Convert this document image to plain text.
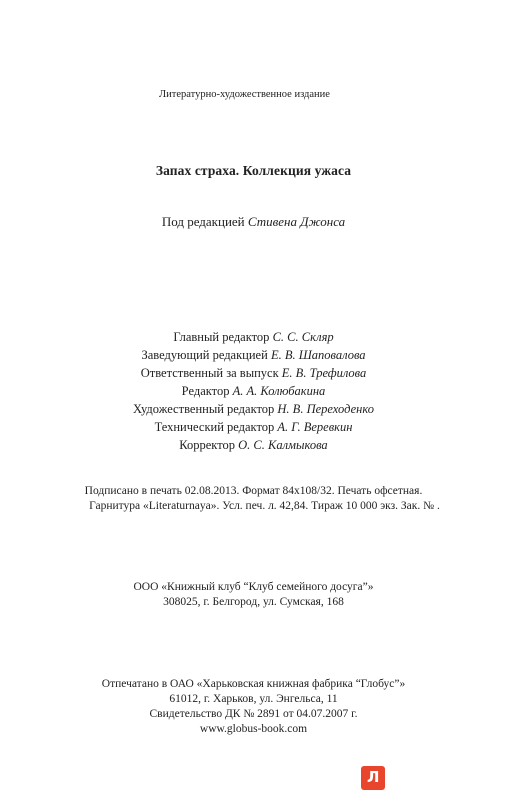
Литературно-художественное издание
Запах страха. Коллекция ужаса
Под редакцией Стивена Джонса
Главный редактор С. С. Скляр
Заведующий редакцией Е. В. Шаповалова
Ответственный за выпуск Е. В. Трефилова
Редактор А. А. Колюбакина
Художественный редактор Н. В. Переходенко
Технический редактор А. Г. Веревкин
Корректор О. С. Калмыкова
Подписано в печать 02.08.2013. Формат 84x108/32. Печать офсетная.
Гарнитура «Literaturnaya». Усл. печ. л. 42,84. Тираж 10 000 экз. Зак. № .
ООО «Книжный клуб “Клуб семейного досуга”»
308025, г. Белгород, ул. Сумская, 168
Отпечатано в ОАО «Харьковская книжная фабрика “Глобус”»
61012, г. Харьков, ул. Энгельса, 11
Свидетельство ДК № 2891 от 04.07.2007 г.
www.globus-book.com
Л
